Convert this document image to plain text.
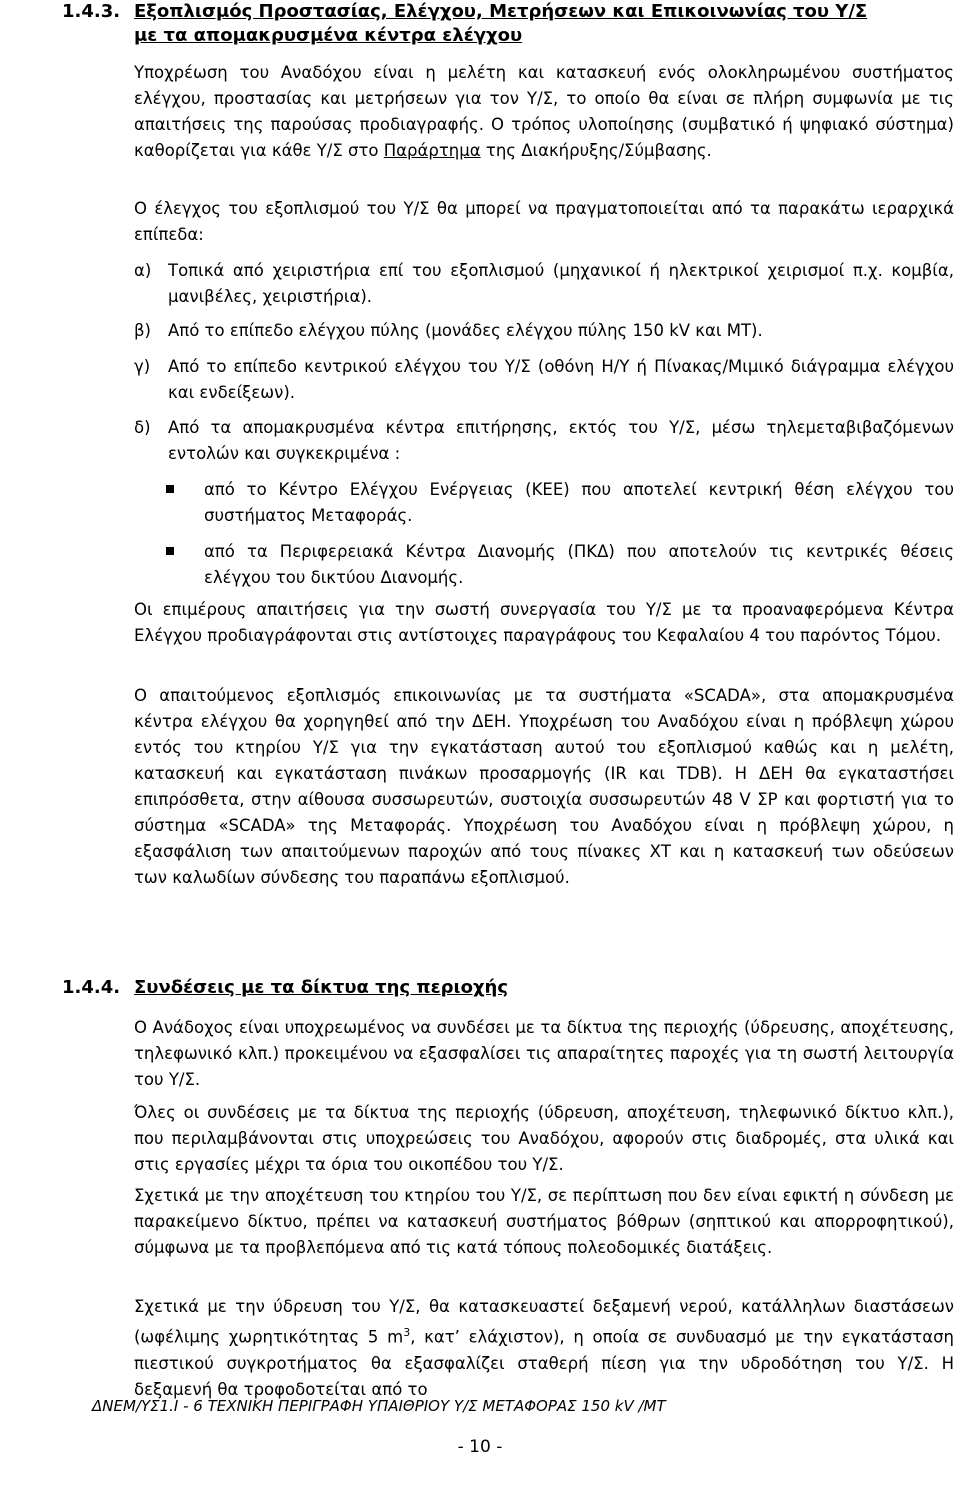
1.4.3. Εξοπλισμός Προστασίας, Ελέγχου, Μετρήσεων και Επικοινωνίας του Υ/Σ
με τα απομακρυσμένα κέντρα ελέγχου

Υποχρέωση του Αναδόχου είναι η μελέτη και κατασκευή ενός ολοκληρωμένου συστήματος ελέγχου, προστασίας και μετρήσεων για τον Υ/Σ, το οποίο θα είναι σε πλήρη συμφωνία με τις απαιτήσεις της παρούσας προδιαγραφής. Ο τρόπος υλοποίησης (συμβατικό ή ψηφιακό σύστημα) καθορίζεται για κάθε Υ/Σ στο Παράρτημα της Διακήρυξης/Σύμβασης.

Ο έλεγχος του εξοπλισμού του Υ/Σ θα μπορεί να πραγματοποιείται από τα παρακάτω ιεραρχικά επίπεδα:

α)	Τοπικά από χειριστήρια επί του εξοπλισμού (μηχανικοί ή ηλεκτρικοί χειρισμοί π.χ. κομβία, μανιβέλες, χειριστήρια).
β)	Από το επίπεδο ελέγχου πύλης (μονάδες ελέγχου πύλης 150 kV και ΜΤ).
γ)	Από το επίπεδο κεντρικού ελέγχου του Υ/Σ (οθόνη Η/Υ ή Πίνακας/Μιμικό διάγραμμα ελέγχου και ενδείξεων).
δ)	Από τα απομακρυσμένα κέντρα επιτήρησης, εκτός του Υ/Σ, μέσω τηλεμεταβιβαζόμενων εντολών και συγκεκριμένα :
από το Κέντρο Ελέγχου Ενέργειας (ΚΕΕ) που αποτελεί κεντρική θέση ελέγχου του συστήματος Μεταφοράς.
από τα Περιφερειακά Κέντρα Διανομής (ΠΚΔ) που αποτελούν τις κεντρικές θέσεις ελέγχου του δικτύου Διανομής.

Οι επιμέρους απαιτήσεις για την σωστή συνεργασία του Υ/Σ με τα προαναφερόμενα Κέντρα Ελέγχου προδιαγράφονται στις αντίστοιχες παραγράφους του Κεφαλαίου 4 του παρόντος Τόμου.

Ο απαιτούμενος εξοπλισμός επικοινωνίας με τα συστήματα «SCADA», στα απομακρυσμένα κέντρα ελέγχου θα χορηγηθεί από την ΔΕΗ. Υποχρέωση του Αναδόχου είναι η πρόβλεψη χώρου εντός του κτηρίου Υ/Σ για την εγκατάσταση αυτού του εξοπλισμού καθώς και η μελέτη, κατασκευή και εγκατάσταση πινάκων προσαρμογής (IR και TDB). Η ΔΕΗ θα εγκαταστήσει επιπρόσθετα, στην αίθουσα συσσωρευτών, συστοιχία συσσωρευτών 48 V ΣΡ και φορτιστή για το σύστημα «SCADA» της Μεταφοράς. Υποχρέωση του Αναδόχου είναι η πρόβλεψη χώρου, η εξασφάλιση των απαιτούμενων παροχών από τους πίνακες ΧΤ και η κατασκευή των οδεύσεων των καλωδίων σύνδεσης του παραπάνω εξοπλισμού.

1.4.4. Συνδέσεις με τα δίκτυα της περιοχής

Ο Ανάδοχος είναι υποχρεωμένος να συνδέσει με τα δίκτυα της περιοχής (ύδρευσης, αποχέτευσης, τηλεφωνικό κλπ.) προκειμένου να εξασφαλίσει τις απαραίτητες παροχές για τη σωστή λειτουργία του Υ/Σ.

Όλες οι συνδέσεις με τα δίκτυα της περιοχής (ύδρευση, αποχέτευση, τηλεφωνικό δίκτυο κλπ.), που περιλαμβάνονται στις υποχρεώσεις του Αναδόχου, αφορούν στις διαδρομές, στα υλικά και στις εργασίες μέχρι τα όρια του οικοπέδου του Υ/Σ.

Σχετικά με την αποχέτευση του κτηρίου του Υ/Σ, σε περίπτωση που δεν είναι εφικτή η σύνδεση με παρακείμενο δίκτυο, πρέπει να κατασκευή συστήματος βόθρων (σηπτικού και απορροφητικού), σύμφωνα με τα προβλεπόμενα από τις κατά τόπους πολεοδομικές διατάξεις.

Σχετικά με την ύδρευση του Υ/Σ, θα κατασκευαστεί δεξαμενή νερού, κατάλληλων διαστάσεων (ωφέλιμης χωρητικότητας 5 $m^3$, κατ’ ελάχιστον), η οποία σε συνδυασμό με την εγκατάσταση πιεστικού συγκροτήματος θα εξασφαλίζει σταθερή πίεση για την υδροδότηση του Υ/Σ. Η δεξαμενή θα τροφοδοτείται από το

ΔΝΕΜ/ΥΣ1.Ι - 6 ΤΕΧΝΙΚΗ ΠΕΡΙΓΡΑΦΗ ΥΠΑΙΘΡΙΟΥ Υ/Σ ΜΕΤΑΦΟΡΑΣ 150 kV /ΜΤ
- 10 -
